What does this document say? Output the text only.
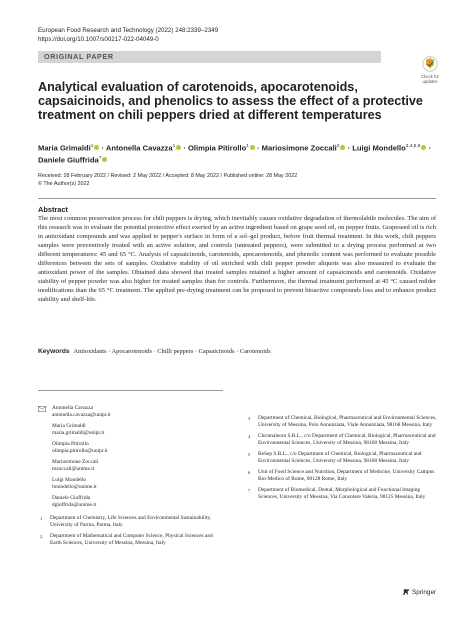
European Food Research and Technology (2022) 248:2339–2349
https://doi.org/10.1007/s00217-022-04049-0
ORIGINAL PAPER
Check for
updates
Analytical evaluation of carotenoids, apocarotenoids, capsaicinoids, and phenolics to assess the effect of a protective treatment on chili peppers dried at different temperatures
Maria Grimaldi$^1$ · Antonella Cavazza$^1$ · Olimpia Pitirollo$^1$ · Mariosimone Zoccali$^2$ · Luigi Mondello$^{3,4,5,6}$ ·
Daniele Giuffrida$^7$
Received: 28 February 2022 / Revised: 2 May 2022 / Accepted: 8 May 2022 / Published online: 28 May 2022
© The Author(s) 2022
Abstract
The most common preservation process for chili peppers is drying, which inevitably causes oxidative degradation of thermolabile molecules. The aim of this research was to evaluate the potential protective effect exerted by an active ingredient based on grape seed oil, on pepper fruits. Grapeseed oil is rich in antioxidant compounds and was applied to pepper's surface in form of a sol–gel product, before fruit thermal treatment. In this work, chili peppers samples were preventively treated with an active solution, and controls (untreated peppers), were submitted to a drying process performed at two different temperatures: 45 and 65 °C. Analysis of capsaicinoids, carotenoids, apocarotenoids, and phenolic content was performed to evaluate possible differences between the sets of samples. Oxidative stability of oil enriched with chili pepper powder aliquots was also measured to evaluate the antioxidant power of the samples. Obtained data showed that treated samples retained a higher amount of capsaicinoids and carotenoids. Oxidative stability of pepper powder was also higher for treated samples than for controls. Furthermore, the thermal treatment performed at 45 °C caused milder modifications than the 65 °C treatment. The applied pre-drying treatment can be proposed to prevent bioactive compounds loss and to enhance product stability and shelf-life.
Keywords Antioxidants · Apocarotenoids · Chilli peppers · Capsaicinoids · Carotenoids
Antonella Cavazza
antonella.cavazza@unipr.it
Maria Grimaldi
maria.grimaldi@unipr.it
Olimpia Pitirollo
olimpia.pitirollo@unipr.it
Mariosimone Zoccali
mzoccali@unime.it
Luigi Mondello
lmondello@unime.it
Daniele Giuffrida
dgiuffrida@unime.it
1	Department of Chemistry, Life Sciences and Environmental Sustainability, University of Parma, Parma, Italy
2	Department of Mathematical and Computer Science, Physical Sciences and Earth Sciences, University of Messina, Messina, Italy
3	Department of Chemical, Biological, Pharmaceutical and Environmental Sciences, University of Messina, Polo Annunziata, Viale Annunziata, 98168 Messina, Italy
4	Chromaleont S.R.L., c/o Department of Chemical, Biological, Pharmaceutical and Environmental Sciences, University of Messina, 98168 Messina, Italy
5	BeSep S.R.L., c/o Department of Chemical, Biological, Pharmaceutical and Environmental Sciences, University of Messina, 98168 Messina, Italy
6	Unit of Food Science and Nutrition, Department of Medicine, University Campus Bio-Medico of Rome, 00128 Rome, Italy
7	Department of Biomedical, Dental, Morphological and Functional Imaging Sciences, University of Messina, Via Consolare Valeria, 98125 Messina, Italy
Springer
